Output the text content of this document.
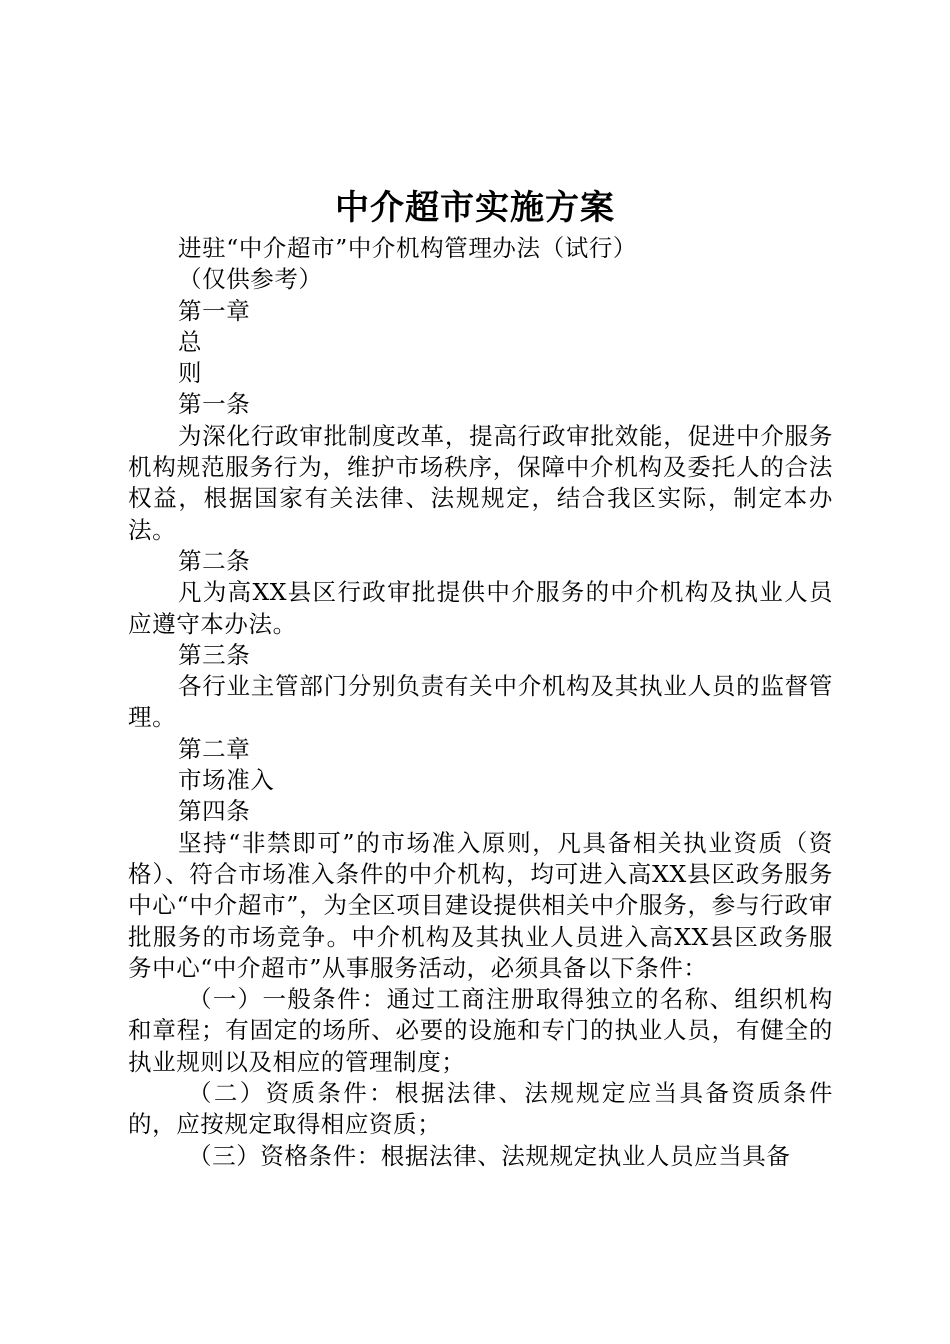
中介超市实施方案

进驻“中介超市”中介机构管理办法（试行）

（仅供参考）

第一章

总

则

第一条

为深化行政审批制度改革，提高行政审批效能，促进中介服务机构规范服务行为，维护市场秩序，保障中介机构及委托人的合法权益，根据国家有关法律、法规规定，结合我区实际，制定本办法。

第二条

凡为高XX县区行政审批提供中介服务的中介机构及执业人员应遵守本办法。

第三条

各行业主管部门分别负责有关中介机构及其执业人员的监督管理。

第二章

市场准入

第四条

坚持“非禁即可”的市场准入原则，凡具备相关执业资质（资格）、符合市场准入条件的中介机构，均可进入高XX县区政务服务中心“中介超市”，为全区项目建设提供相关中介服务，参与行政审批服务的市场竞争。中介机构及其执业人员进入高XX县区政务服务中心“中介超市”从事服务活动，必须具备以下条件：

（一）一般条件：通过工商注册取得独立的名称、组织机构和章程；有固定的场所、必要的设施和专门的执业人员，有健全的执业规则以及相应的管理制度；

（二）资质条件：根据法律、法规规定应当具备资质条件的，应按规定取得相应资质；

（三）资格条件：根据法律、法规规定执业人员应当具备
